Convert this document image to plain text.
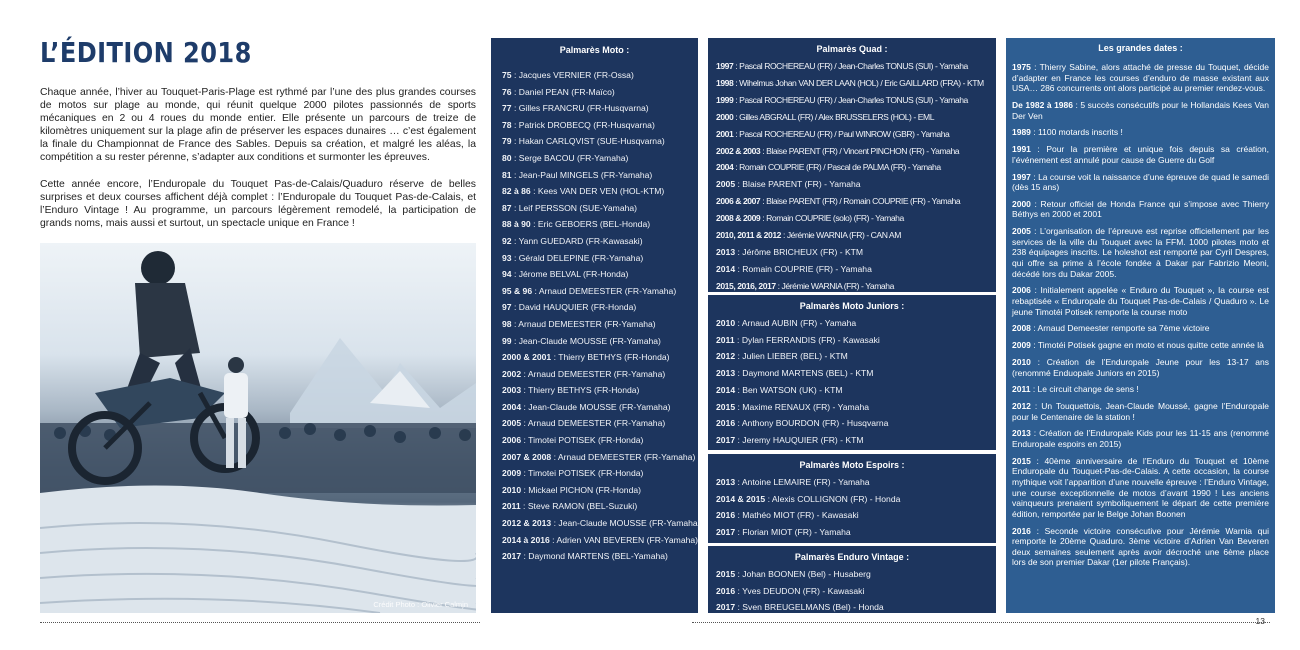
L’ÉDITION 2018

Chaque année, l’hiver au Touquet-Paris-Plage est rythmé par l’une des plus grandes courses de motos sur plage au monde, qui réunit quelque 2000 pilotes passionnés de sports mécaniques en 2 ou 4 roues du monde entier. Elle présente un parcours de treize de kilomètres uniquement sur la plage afin de préserver les espaces dunaires … c’est également la finale du Championnat de France des Sables. Depuis sa création, et malgré les aléas, la compétition a su rester pérenne, s’adapter aux conditions et surmonter les épreuves.

Cette année encore, l’Enduropale du Touquet Pas-de-Calais/Quaduro réserve de belles surprises et deux courses affichent déjà complet : l’Enduropale du Touquet Pas-de-Calais, et l’Enduro Vintage ! Au programme, un parcours légèrement remodelé, la participation de grands noms, mais aussi et surtout, un spectacle unique en France !

Crédit Photo : Olivier Calmjn
Palmarès Moto :
75 : Jacques VERNIER (FR-Ossa)
76 : Daniel PEAN (FR-Maïco)
77 : Gilles FRANCRU (FR-Husqvarna)
78 : Patrick DROBECQ (FR-Husqvarna)
79 : Hakan CARLQVIST (SUE-Husqvarna)
80 : Serge BACOU (FR-Yamaha)
81 : Jean-Paul MINGELS (FR-Yamaha)
82 à 86 : Kees VAN DER VEN (HOL-KTM)
87 : Leif PERSSON (SUE-Yamaha)
88 à 90 : Eric GEBOERS (BEL-Honda)
92 : Yann GUEDARD (FR-Kawasaki)
93 : Gérald DELEPINE (FR-Yamaha)
94 : Jérome BELVAL (FR-Honda)
95 & 96 : Arnaud DEMEESTER (FR-Yamaha)
97 : David HAUQUIER (FR-Honda)
98 : Arnaud DEMEESTER (FR-Yamaha)
99 : Jean-Claude MOUSSE (FR-Yamaha)
2000 & 2001 : Thierry BETHYS (FR-Honda)
2002 : Arnaud DEMEESTER (FR-Yamaha)
2003 : Thierry BETHYS (FR-Honda)
2004 : Jean-Claude MOUSSE (FR-Yamaha)
2005 : Arnaud DEMEESTER (FR-Yamaha)
2006 : Timotei POTISEK (FR-Honda)
2007 & 2008 : Arnaud DEMEESTER (FR-Yamaha)
2009 : Timotei POTISEK (FR-Honda)
2010 : Mickael PICHON (FR-Honda)
2011 : Steve RAMON (BEL-Suzuki)
2012 & 2013 : Jean-Claude MOUSSE (FR-Yamaha)
2014 à 2016 : Adrien VAN BEVEREN (FR-Yamaha)
2017 : Daymond MARTENS (BEL-Yamaha)
Palmarès Quad :
1997 : Pascal ROCHEREAU (FR) / Jean-Charles TONUS (SUI) - Yamaha
1998 : Wihelmus Johan VAN DER LAAN (HOL) / Eric GAILLARD (FRA) - KTM
1999 : Pascal ROCHEREAU (FR) / Jean-Charles TONUS (SUI) - Yamaha
2000 : Gilles ABGRALL (FR) / Alex BRUSSELERS (HOL) - EML
2001 : Pascal ROCHEREAU (FR) / Paul WINROW (GBR) - Yamaha
2002 & 2003 : Blaise PARENT (FR) / Vincent PINCHON (FR) - Yamaha
2004 : Romain COUPRIE (FR) / Pascal de PALMA (FR) - Yamaha
2005 : Blaise PARENT (FR) - Yamaha
2006 & 2007 : Blaise PARENT (FR) / Romain COUPRIE (FR) - Yamaha
2008 & 2009 : Romain COUPRIE (solo) (FR) - Yamaha
2010, 2011 & 2012 : Jérémie WARNIA (FR) - CAN AM
2013 : Jérôme BRICHEUX (FR) - KTM
2014 : Romain COUPRIE (FR) - Yamaha
2015, 2016, 2017 : Jérémie WARNIA (FR) - Yamaha
Palmarès Moto Juniors :
2010 : Arnaud AUBIN (FR) - Yamaha
2011 : Dylan FERRANDIS (FR) - Kawasaki
2012 : Julien LIEBER (BEL) - KTM
2013 : Daymond MARTENS (BEL) - KTM
2014 : Ben WATSON (UK) - KTM
2015 : Maxime RENAUX (FR) - Yamaha
2016 : Anthony BOURDON (FR) - Husqvarna
2017 : Jeremy HAUQUIER (FR) - KTM
Palmarès Moto Espoirs :
2013 : Antoine LEMAIRE (FR) - Yamaha
2014 & 2015 : Alexis COLLIGNON (FR) - Honda
2016 : Mathéo MIOT (FR) - Kawasaki
2017 : Florian MIOT (FR) - Yamaha
Palmarès Enduro Vintage :
2015 : Johan BOONEN (Bel) - Husaberg
2016 : Yves DEUDON (FR) - Kawasaki
2017 : Sven BREUGELMANS (Bel) - Honda
Les grandes dates :

1975 : Thierry Sabine, alors attaché de presse du Touquet, décide d’adapter en France les courses d’enduro de masse existant aux USA… 286 concurrents ont alors participé au premier rendez-vous.

De 1982 à 1986 : 5 succès consécutifs pour le Hollandais Kees Van Der Ven

1989 : 1100 motards inscrits !

1991 : Pour la première et unique fois depuis sa création, l’événement est annulé pour cause de Guerre du Golf

1997 : La course voit la naissance d’une épreuve de quad le samedi (dès 15 ans)

2000 : Retour officiel de Honda France qui s’impose avec Thierry Béthys en 2000 et 2001

2005 : L’organisation de l’épreuve est reprise officiellement par les services de la ville du Touquet avec la FFM. 1000 pilotes moto et 238 équipages inscrits. Le holeshot est remporté par Cyril Despres, qui offre sa prime à l’école fondée à Dakar par Fabrizio Meoni, décédé lors du Dakar 2005.

2006 : Initialement appelée « Enduro du Touquet », la course est rebaptisée « Enduropale du Touquet Pas-de-Calais / Quaduro ». Le jeune Timotéi Potisek remporte la course moto

2008 : Arnaud Demeester remporte sa 7ème victoire

2009 : Timotéi Potisek gagne en moto et nous quitte cette année là

2010 : Création de l’Enduropale Jeune pour les 13-17 ans (renommé Enduopale Juniors en 2015)

2011 : Le circuit change de sens !

2012 : Un Touquettois, Jean-Claude Moussé, gagne l’Enduropale pour le Centenaire de la station !

2013 : Création de l’Enduropale Kids pour les 11-15 ans (renommé Enduropale espoirs en 2015)

2015 : 40ème anniversaire de l’Enduro du Touquet et 10ème Enduropale du Touquet-Pas-de-Calais. A cette occasion, la course mythique voit l’apparition d’une nouvelle épreuve : l’Enduro Vintage, une course exceptionnelle de motos d’avant 1990 ! Les anciens vainqueurs prenaient symboliquement le départ de cette première édition, remportée par le Belge Johan Boonen

2016 : Seconde victoire consécutive pour Jérémie Warnia qui remporte le 20ème Quaduro. 3ème victoire d’Adrien Van Beveren deux semaines seulement après avoir décroché une 6ème place lors de son premier Dakar (1er pilote Français).

13
